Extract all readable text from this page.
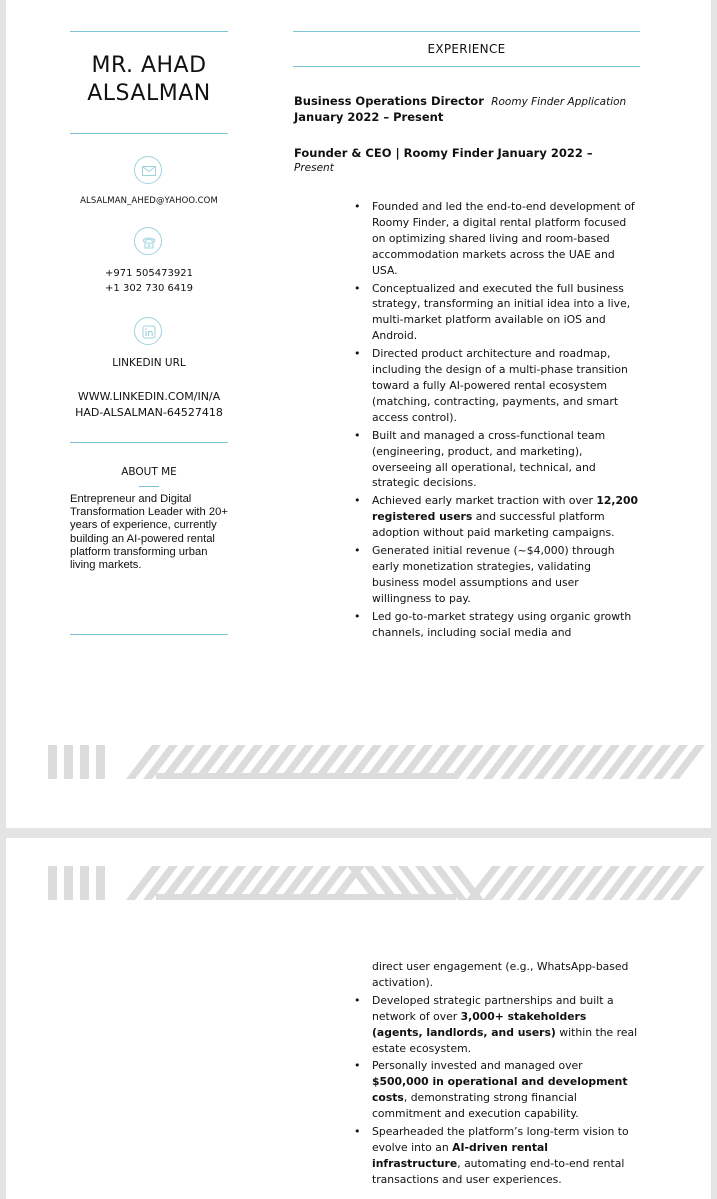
MR. AHAD
ALSALMAN
ALSALMAN_AHED@YAHOO.COM
+971 505473921
+1 302 730 6419
LINKEDIN URL
WWW.LINKEDIN.COM/IN/A
HAD-ALSALMAN-64527418
ABOUT ME
Entrepreneur and Digital Transformation Leader with 20+ years of experience, currently building an AI-powered rental platform transforming urban living markets.
EXPERIENCE
Business Operations Director Roomy Finder Application
January 2022 – Present
Founder & CEO | Roomy Finder January 2022 –
Present
• Founded and led the end-to-end development of Roomy Finder, a digital rental platform focused on optimizing shared living and room-based accommodation markets across the UAE and USA.
• Conceptualized and executed the full business strategy, transforming an initial idea into a live, multi-market platform available on iOS and Android.
• Directed product architecture and roadmap, including the design of a multi-phase transition toward a fully AI-powered rental ecosystem (matching, contracting, payments, and smart access control).
• Built and managed a cross-functional team (engineering, product, and marketing), overseeing all operational, technical, and strategic decisions.
• Achieved early market traction with over 12,200 registered users and successful platform adoption without paid marketing campaigns.
• Generated initial revenue (~$4,000) through early monetization strategies, validating business model assumptions and user willingness to pay.
• Led go-to-market strategy using organic growth channels, including social media and
direct user engagement (e.g., WhatsApp-based activation).
• Developed strategic partnerships and built a network of over 3,000+ stakeholders (agents, landlords, and users) within the real estate ecosystem.
• Personally invested and managed over $500,000 in operational and development costs, demonstrating strong financial commitment and execution capability.
• Spearheaded the platform’s long-term vision to evolve into an AI-driven rental infrastructure, automating end-to-end rental transactions and user experiences.
